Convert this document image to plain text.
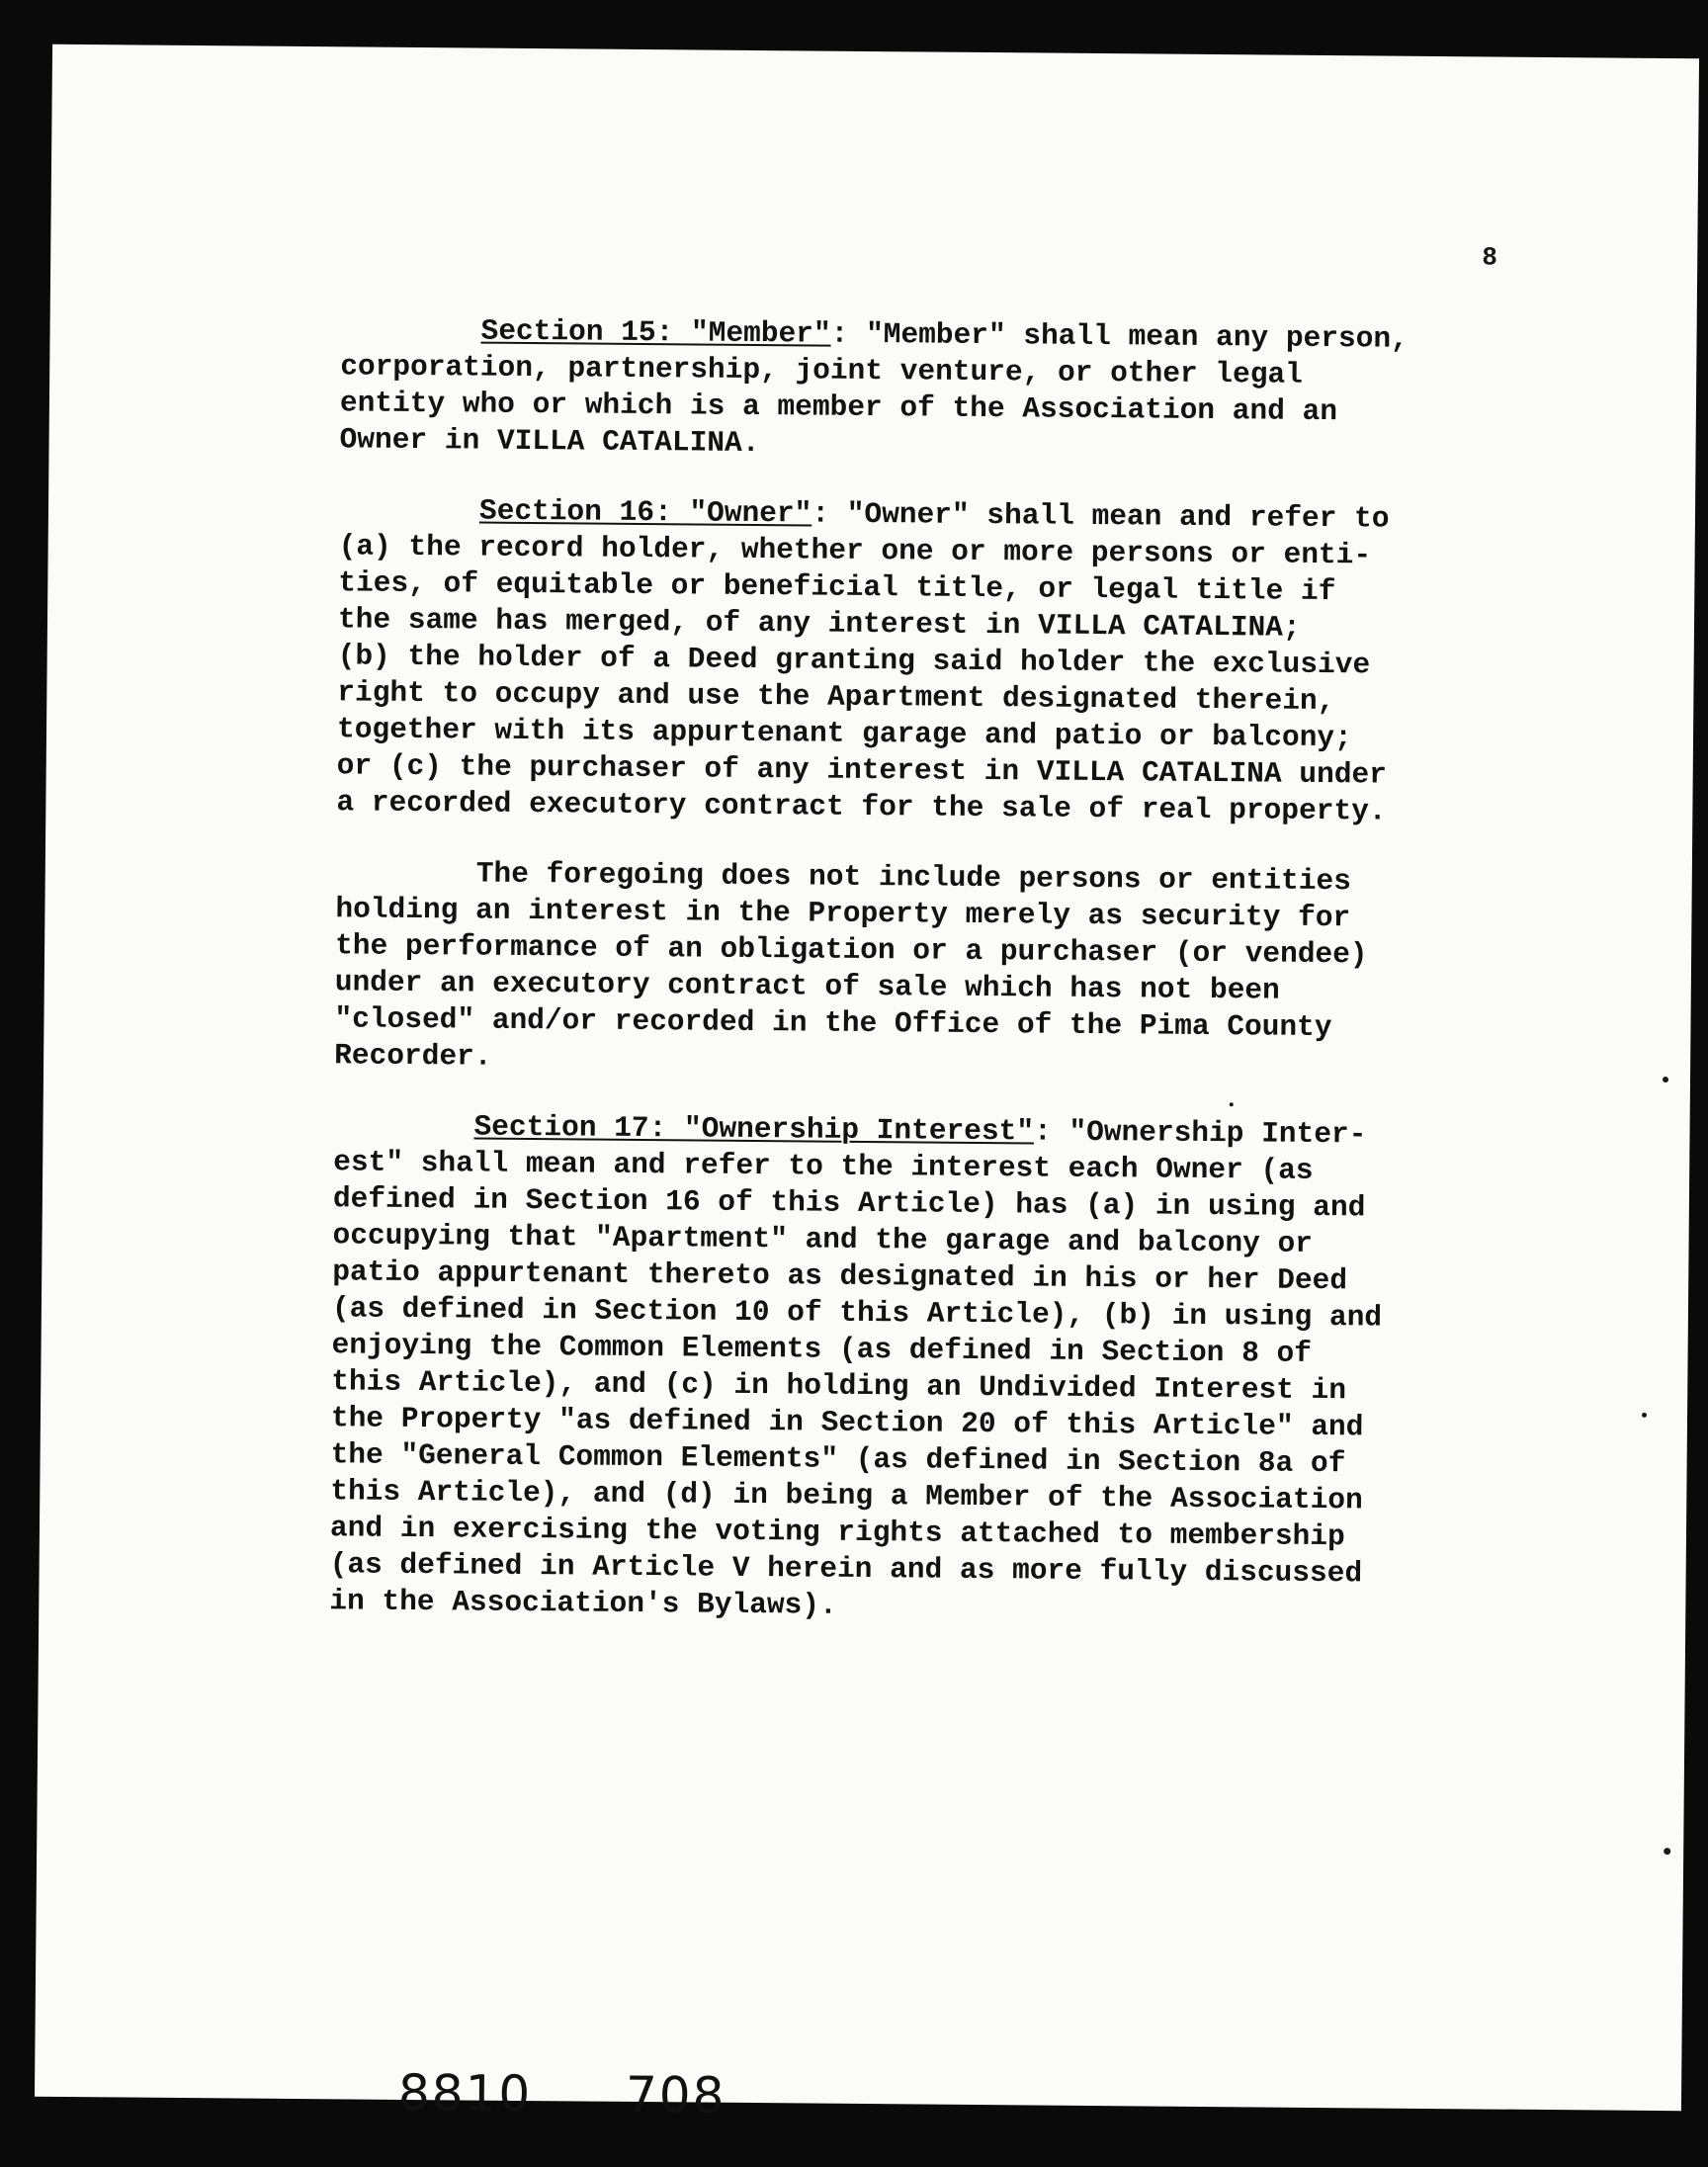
8

Section 15: "Member": "Member" shall mean any person,
corporation, partnership, joint venture, or other legal
entity who or which is a member of the Association and an
Owner in VILLA CATALINA.

Section 16: "Owner": "Owner" shall mean and refer to
(a) the record holder, whether one or more persons or enti-
ties, of equitable or beneficial title, or legal title if
the same has merged, of any interest in VILLA CATALINA;
(b) the holder of a Deed granting said holder the exclusive
right to occupy and use the Apartment designated therein,
together with its appurtenant garage and patio or balcony;
or (c) the purchaser of any interest in VILLA CATALINA under
a recorded executory contract for the sale of real property.

The foregoing does not include persons or entities
holding an interest in the Property merely as security for
the performance of an obligation or a purchaser (or vendee)
under an executory contract of sale which has not been
"closed" and/or recorded in the Office of the Pima County
Recorder.

Section 17: "Ownership Interest": "Ownership Inter-
est" shall mean and refer to the interest each Owner (as
defined in Section 16 of this Article) has (a) in using and
occupying that "Apartment" and the garage and balcony or
patio appurtenant thereto as designated in his or her Deed
(as defined in Section 10 of this Article), (b) in using and
enjoying the Common Elements (as defined in Section 8 of
this Article), and (c) in holding an Undivided Interest in
the Property "as defined in Section 20 of this Article" and
the "General Common Elements" (as defined in Section 8a of
this Article), and (d) in being a Member of the Association
and in exercising the voting rights attached to membership
(as defined in Article V herein and as more fully discussed
in the Association's Bylaws).

8810 708
